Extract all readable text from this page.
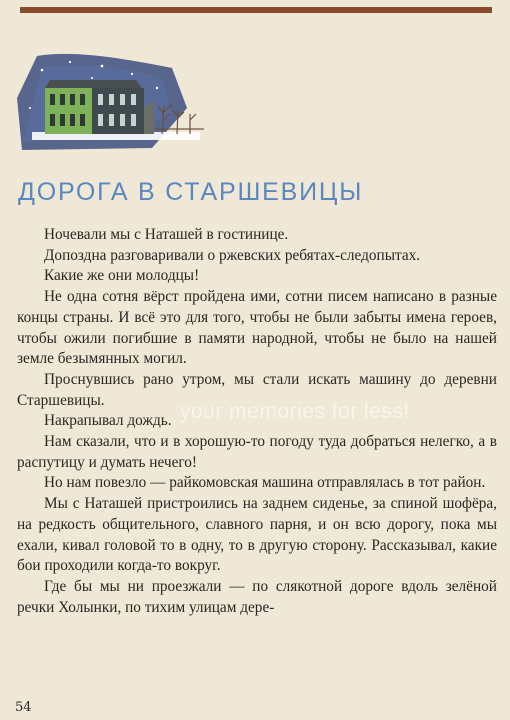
ДОРОГА В СТАРШЕВИЦЫ

Ночевали мы с Наташей в гостинице.

Допоздна разговаривали о ржевских ребятах-следопытах.

Какие же они молодцы!

Не одна сотня вёрст пройдена ими, сотни писем написано в разные концы страны. И всё это для того, чтобы не были забыты имена героев, чтобы ожили погибшие в памяти народной, чтобы не было на нашей земле безымянных могил.

Проснувшись рано утром, мы стали искать машину до деревни Старшевицы.

Накрапывал дождь.

Нам сказали, что и в хорошую-то погоду туда добраться нелегко, а в распутицу и думать нечего!

Но нам повезло — райкомовская машина отправлялась в тот район.

Мы с Наташей пристроились на заднем сиденье, за спиной шофёра, на редкость общительного, славного парня, и он всю дорогу, пока мы ехали, кивал головой то в одну, то в другую сторону. Рассказывал, какие бои проходили когда-то вокруг.

Где бы мы ни проезжали — по слякотной дороге вдоль зелёной речки Холынки, по тихим улицам дере-

your memories for less!
54
